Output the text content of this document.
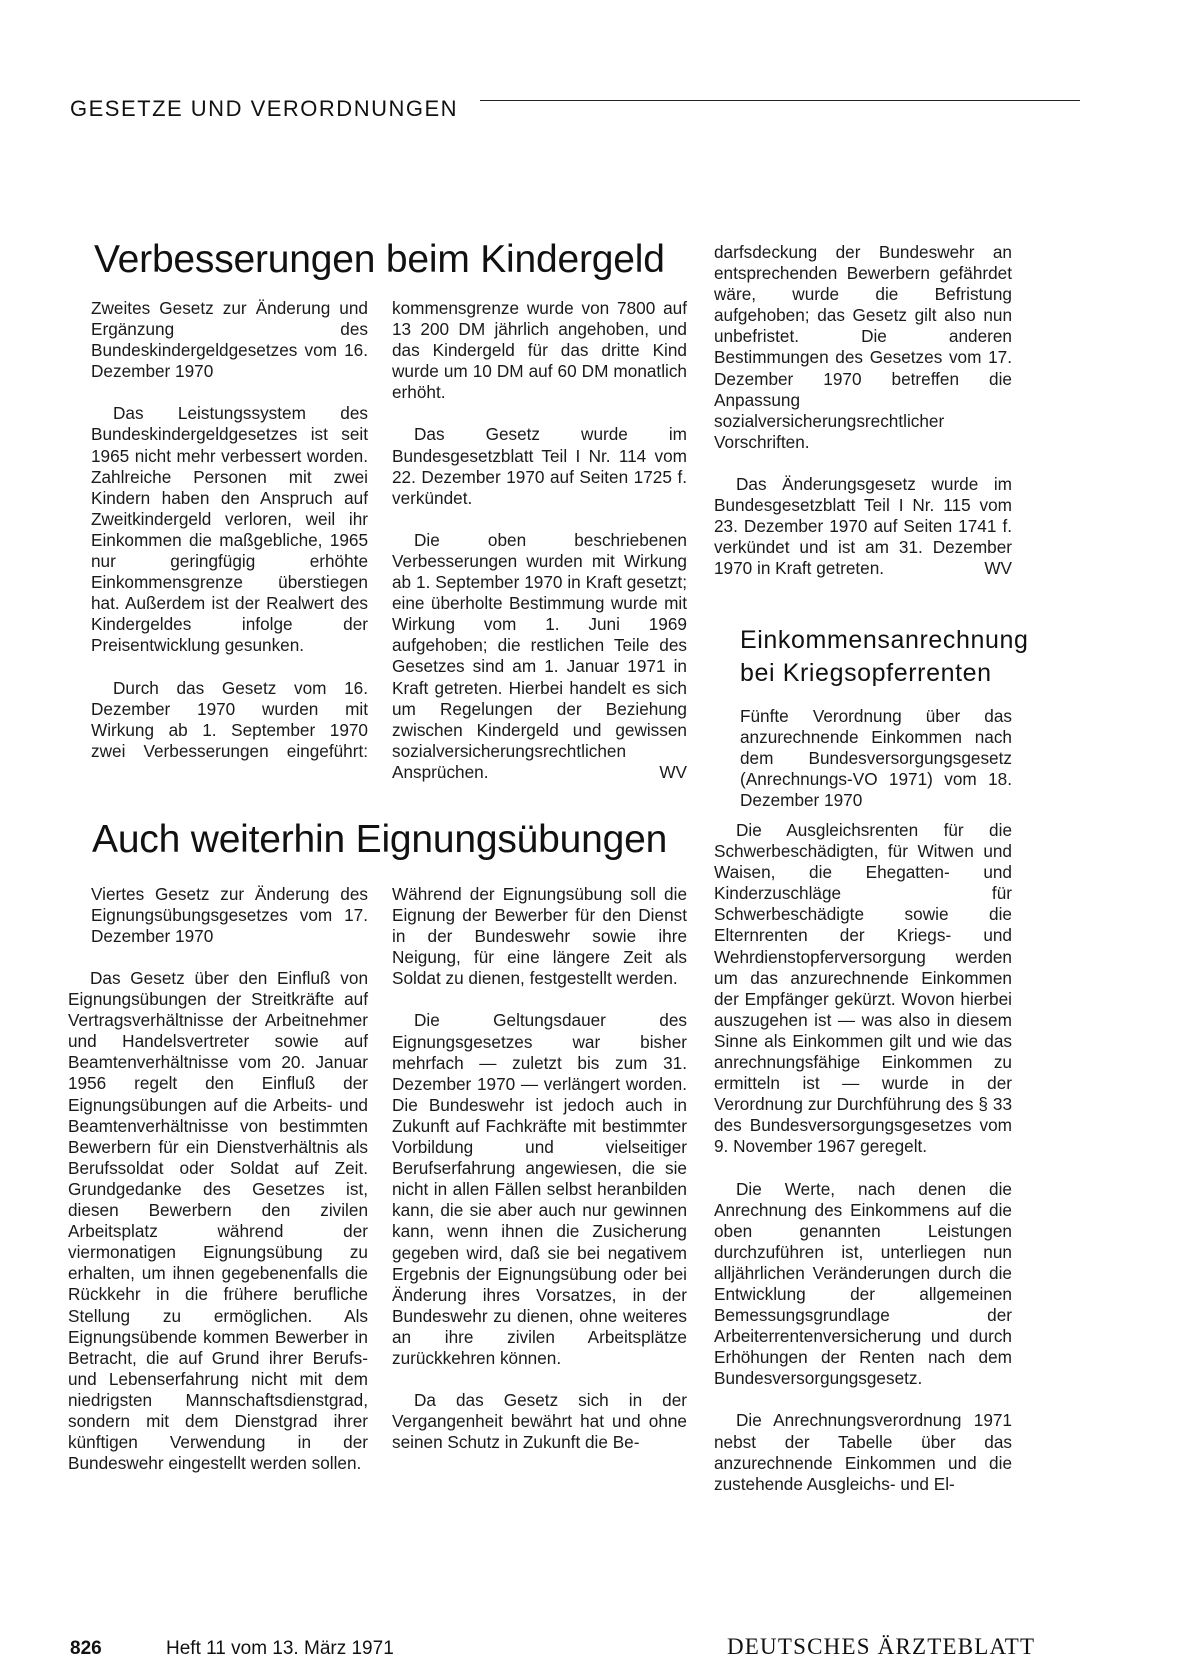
GESETZE UND VERORDNUNGEN
Verbesserungen beim Kindergeld

Zweites Gesetz zur Änderung und Ergänzung des Bundeskindergeldgesetzes vom 16. Dezember 1970

Das Leistungssystem des Bundeskindergeldgesetzes ist seit 1965 nicht mehr verbessert worden. Zahlreiche Personen mit zwei Kindern haben den Anspruch auf Zweitkindergeld verloren, weil ihr Einkommen die maßgebliche, 1965 nur geringfügig erhöhte Einkommensgrenze überstiegen hat. Außerdem ist der Realwert des Kindergeldes infolge der Preisentwicklung gesunken.

Durch das Gesetz vom 16. Dezember 1970 wurden mit Wirkung ab 1. September 1970 zwei Verbesserungen eingeführt:

kommensgrenze wurde von 7800 auf 13 200 DM jährlich angehoben, und das Kindergeld für das dritte Kind wurde um 10 DM auf 60 DM monatlich erhöht.

Das Gesetz wurde im Bundesgesetzblatt Teil I Nr. 114 vom 22. Dezember 1970 auf Seiten 1725 f. verkündet.

Die oben beschriebenen Verbesserungen wurden mit Wirkung ab 1. September 1970 in Kraft gesetzt; eine überholte Bestimmung wurde mit Wirkung vom 1. Juni 1969 aufgehoben; die restlichen Teile des Gesetzes sind am 1. Januar 1971 in Kraft getreten. Hierbei handelt es sich um Regelungen der Beziehung zwischen Kindergeld und gewissen sozialversicherungsrechtlichen Ansprüchen.	WV

darfsdeckung der Bundeswehr an entsprechenden Bewerbern gefährdet wäre, wurde die Befristung aufgehoben; das Gesetz gilt also nun unbefristet. Die anderen Bestimmungen des Gesetzes vom 17. Dezember 1970 betreffen die Anpassung sozialversicherungsrechtlicher Vorschriften.

Das Änderungsgesetz wurde im Bundesgesetzblatt Teil I Nr. 115 vom 23. Dezember 1970 auf Seiten 1741 f. verkündet und ist am 31. Dezember 1970 in Kraft getreten.	WV

Einkommensanrechnung bei Kriegsopferrenten

Fünfte Verordnung über das anzurechnende Einkommen nach dem Bundesversorgungsgesetz (Anrechnungs-VO 1971) vom 18. Dezember 1970

Die Ausgleichsrenten für die Schwerbeschädigten, für Witwen und Waisen, die Ehegatten- und Kinderzuschläge für Schwerbeschädigte sowie die Elternrenten der Kriegs- und Wehrdienstopferversorgung werden um das anzurechnende Einkommen der Empfänger gekürzt. Wovon hierbei auszugehen ist — was also in diesem Sinne als Einkommen gilt und wie das anrechnungsfähige Einkommen zu ermitteln ist — wurde in der Verordnung zur Durchführung des § 33 des Bundesversorgungsgesetzes vom 9. November 1967 geregelt.

Die Werte, nach denen die Anrechnung des Einkommens auf die oben genannten Leistungen durchzuführen ist, unterliegen nun alljährlichen Veränderungen durch die Entwicklung der allgemeinen Bemessungsgrundlage der Arbeiterrentenversicherung und durch Erhöhungen der Renten nach dem Bundesversorgungsgesetz.

Die Anrechnungsverordnung 1971 nebst der Tabelle über das anzurechnende Einkommen und die zustehende Ausgleichs- und El-

Auch weiterhin Eignungsübungen

Viertes Gesetz zur Änderung des Eignungsübungsgesetzes vom 17. Dezember 1970

Das Gesetz über den Einfluß von Eignungsübungen der Streitkräfte auf Vertragsverhältnisse der Arbeitnehmer und Handelsvertreter sowie auf Beamtenverhältnisse vom 20. Januar 1956 regelt den Einfluß der Eignungsübungen auf die Arbeits- und Beamtenverhältnisse von bestimmten Bewerbern für ein Dienstverhältnis als Berufssoldat oder Soldat auf Zeit. Grundgedanke des Gesetzes ist, diesen Bewerbern den zivilen Arbeitsplatz während der viermonatigen Eignungsübung zu erhalten, um ihnen gegebenenfalls die Rückkehr in die frühere berufliche Stellung zu ermöglichen. Als Eignungsübende kommen Bewerber in Betracht, die auf Grund ihrer Berufs- und Lebenserfahrung nicht mit dem niedrigsten Mannschaftsdienstgrad, sondern mit dem Dienstgrad ihrer künftigen Verwendung in der Bundeswehr eingestellt werden sollen.

Während der Eignungsübung soll die Eignung der Bewerber für den Dienst in der Bundeswehr sowie ihre Neigung, für eine längere Zeit als Soldat zu dienen, festgestellt werden.

Die Geltungsdauer des Eignungsgesetzes war bisher mehrfach — zuletzt bis zum 31. Dezember 1970 — verlängert worden. Die Bundeswehr ist jedoch auch in Zukunft auf Fachkräfte mit bestimmter Vorbildung und vielseitiger Berufserfahrung angewiesen, die sie nicht in allen Fällen selbst heranbilden kann, die sie aber auch nur gewinnen kann, wenn ihnen die Zusicherung gegeben wird, daß sie bei negativem Ergebnis der Eignungsübung oder bei Änderung ihres Vorsatzes, in der Bundeswehr zu dienen, ohne weiteres an ihre zivilen Arbeitsplätze zurückkehren können.

Da das Gesetz sich in der Vergangenheit bewährt hat und ohne seinen Schutz in Zukunft die Be-

826	Heft 11 vom 13. März 1971	DEUTSCHES ÄRZTEBLATT
